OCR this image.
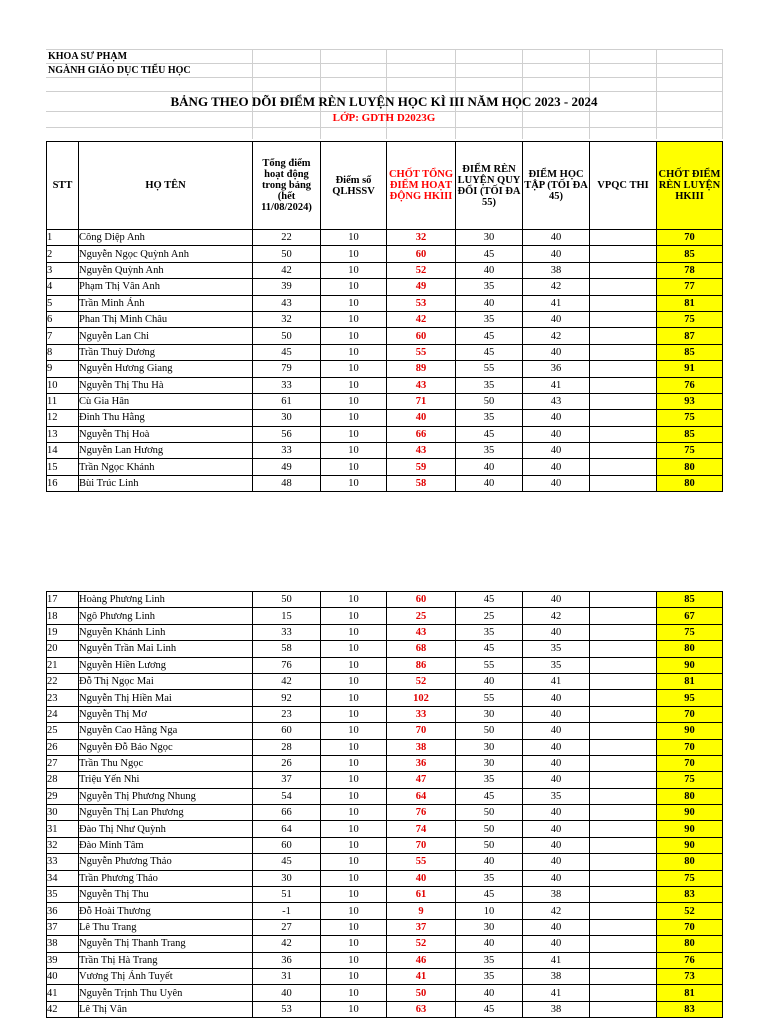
KHOA SƯ PHẠM
NGÀNH GIÁO DỤC TIỂU HỌC
BẢNG THEO DÕI ĐIỂM RÈN LUYỆN HỌC KÌ III NĂM HỌC 2023 - 2024
LỚP: GDTH D2023G
STT	HỌ TÊN	Tổng điểm hoạt động trong bảng (hết 11/08/2024)	Điểm số QLHSSV	CHỐT TỔNG ĐIỂM HOẠT ĐỘNG HKIII	ĐIỂM RÈN LUYỆN QUY ĐỔI (TỐI ĐA 55)	ĐIỂM HỌC TẬP (TỐI ĐA 45)	VPQC THI	CHỐT ĐIỂM RÈN LUYỆN HKIII
1	Công Diệp Anh	22	10	32	30	40		70
2	Nguyễn Ngọc Quỳnh Anh	50	10	60	45	40		85
3	Nguyễn Quỳnh Anh	42	10	52	40	38		78
4	Phạm Thị Vân Anh	39	10	49	35	42		77
5	Trần Minh Ánh	43	10	53	40	41		81
6	Phan Thị Minh Châu	32	10	42	35	40		75
7	Nguyễn Lan Chi	50	10	60	45	42		87
8	Trần Thuỳ Dương	45	10	55	45	40		85
9	Nguyễn Hương Giang	79	10	89	55	36		91
10	Nguyễn Thị Thu Hà	33	10	43	35	41		76
11	Cù Gia Hân	61	10	71	50	43		93
12	Đinh Thu Hằng	30	10	40	35	40		75
13	Nguyễn Thị Hoà	56	10	66	45	40		85
14	Nguyễn Lan Hương	33	10	43	35	40		75
15	Trần Ngọc Khánh	49	10	59	40	40		80
16	Bùi Trúc Linh	48	10	58	40	40		80
17	Hoàng Phương Linh	50	10	60	45	40		85
18	Ngô Phương Linh	15	10	25	25	42		67
19	Nguyễn Khánh Linh	33	10	43	35	40		75
20	Nguyễn Trần Mai Linh	58	10	68	45	35		80
21	Nguyễn Hiền Lương	76	10	86	55	35		90
22	Đỗ Thị Ngọc Mai	42	10	52	40	41		81
23	Nguyễn Thị Hiền Mai	92	10	102	55	40		95
24	Nguyễn Thị Mơ	23	10	33	30	40		70
25	Nguyễn Cao Hằng Nga	60	10	70	50	40		90
26	Nguyễn Đỗ Bảo Ngọc	28	10	38	30	40		70
27	Trần Thu Ngọc	26	10	36	30	40		70
28	Triệu Yến Nhi	37	10	47	35	40		75
29	Nguyễn Thị Phương Nhung	54	10	64	45	35		80
30	Nguyễn Thị Lan Phương	66	10	76	50	40		90
31	Đào Thị Như Quỳnh	64	10	74	50	40		90
32	Đào Minh Tâm	60	10	70	50	40		90
33	Nguyễn Phương Thảo	45	10	55	40	40		80
34	Trần Phương Thảo	30	10	40	35	40		75
35	Nguyễn Thị Thu	51	10	61	45	38		83
36	Đỗ Hoài Thương	-1	10	9	10	42		52
37	Lê Thu Trang	27	10	37	30	40		70
38	Nguyễn Thị Thanh Trang	42	10	52	40	40		80
39	Trần Thị Hà Trang	36	10	46	35	41		76
40	Vương Thị Ánh Tuyết	31	10	41	35	38		73
41	Nguyễn Trịnh Thu Uyên	40	10	50	40	41		81
42	Lê Thị Vân	53	10	63	45	38		83
